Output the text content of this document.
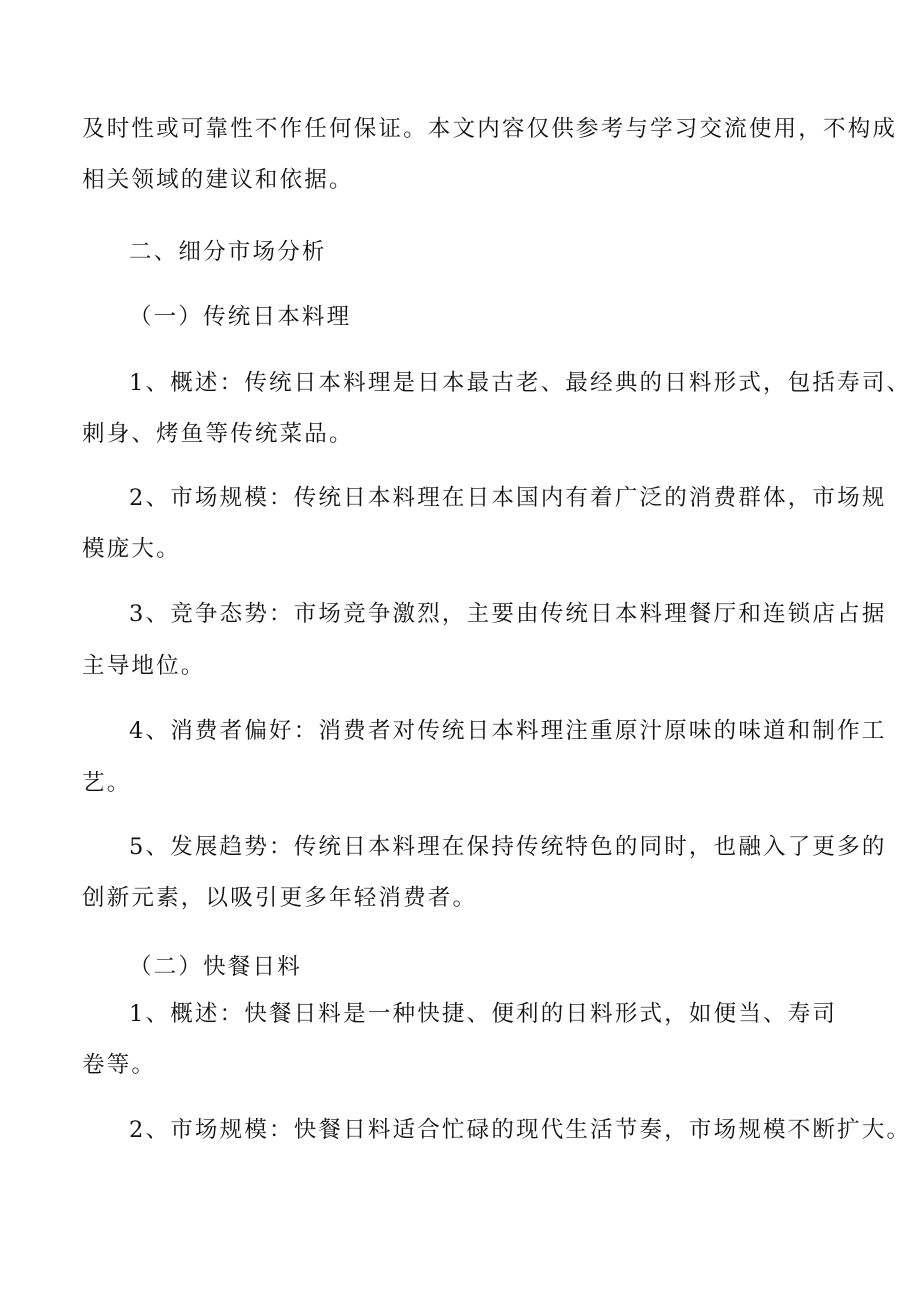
及时性或可靠性不作任何保证。本文内容仅供参考与学习交流使用，不构成
相关领域的建议和依据。
二、细分市场分析
（一）传统日本料理
1、概述：传统日本料理是日本最古老、最经典的日料形式，包括寿司、
刺身、烤鱼等传统菜品。
2、市场规模：传统日本料理在日本国内有着广泛的消费群体，市场规
模庞大。
3、竞争态势：市场竞争激烈，主要由传统日本料理餐厅和连锁店占据
主导地位。
4、消费者偏好：消费者对传统日本料理注重原汁原味的味道和制作工
艺。
5、发展趋势：传统日本料理在保持传统特色的同时，也融入了更多的
创新元素，以吸引更多年轻消费者。
（二）快餐日料
1、概述：快餐日料是一种快捷、便利的日料形式，如便当、寿司
卷等。
2、市场规模：快餐日料适合忙碌的现代生活节奏，市场规模不断扩大。
